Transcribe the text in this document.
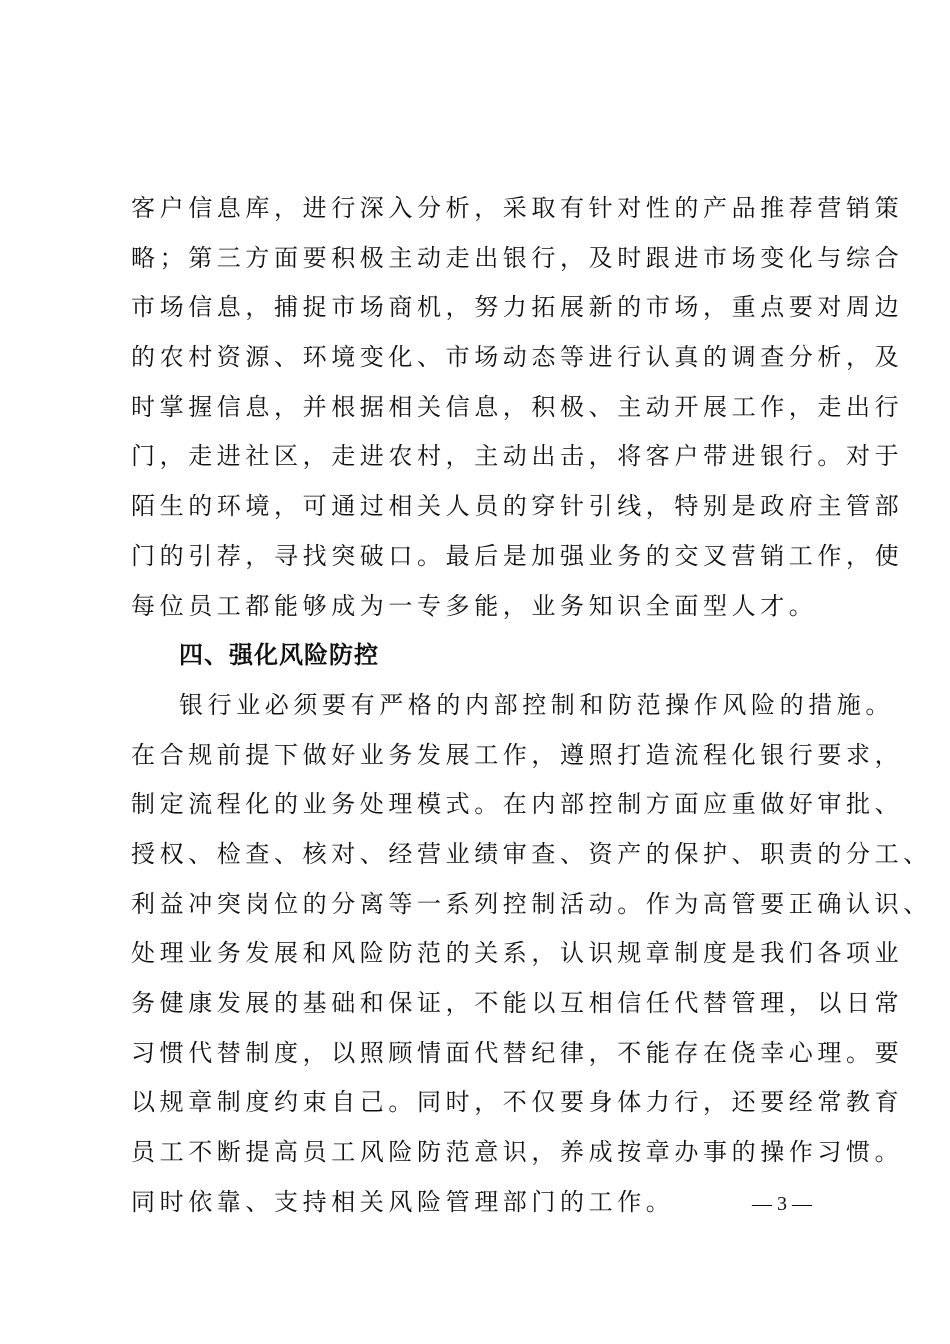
客户信息库，进行深入分析，采取有针对性的产品推荐营销策
略；第三方面要积极主动走出银行，及时跟进市场变化与综合
市场信息，捕捉市场商机，努力拓展新的市场，重点要对周边
的农村资源、环境变化、市场动态等进行认真的调查分析，及
时掌握信息，并根据相关信息，积极、主动开展工作，走出行
门，走进社区，走进农村，主动出击，将客户带进银行。对于
陌生的环境，可通过相关人员的穿针引线，特别是政府主管部
门的引荐，寻找突破口。最后是加强业务的交叉营销工作，使
每位员工都能够成为一专多能，业务知识全面型人才。
四、强化风险防控
银行业必须要有严格的内部控制和防范操作风险的措施。
在合规前提下做好业务发展工作，遵照打造流程化银行要求，
制定流程化的业务处理模式。在内部控制方面应重做好审批、
授权、检查、核对、经营业绩审查、资产的保护、职责的分工、
利益冲突岗位的分离等一系列控制活动。作为高管要正确认识、
处理业务发展和风险防范的关系，认识规章制度是我们各项业
务健康发展的基础和保证，不能以互相信任代替管理，以日常
习惯代替制度，以照顾情面代替纪律，不能存在侥幸心理。要
以规章制度约束自己。同时，不仅要身体力行，还要经常教育
员工不断提高员工风险防范意识，养成按章办事的操作习惯。
同时依靠、支持相关风险管理部门的工作。	— 3 —
